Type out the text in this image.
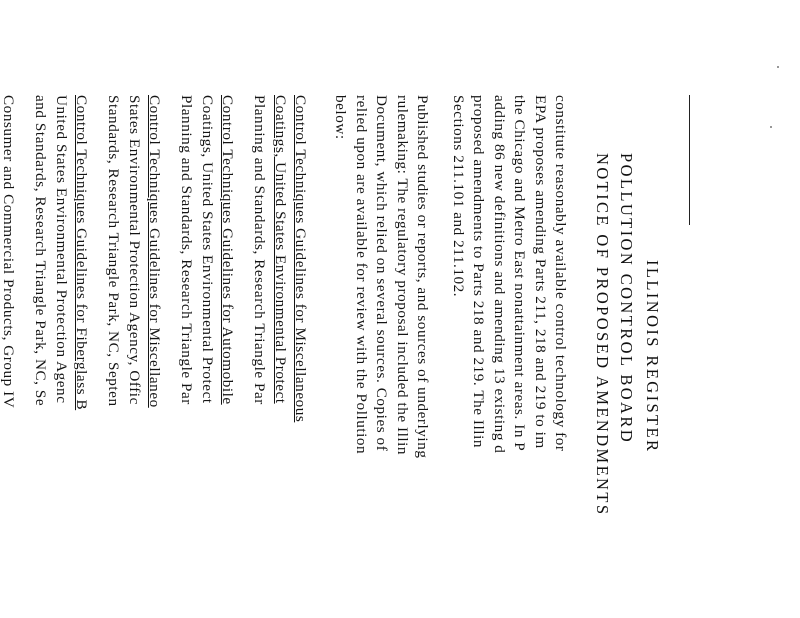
ILLINOIS REGISTER
POLLUTION CONTROL BOARD
NOTICE OF PROPOSED AMENDMENTS
constitute reasonably available control technology for
EPA proposes amending Parts 211, 218 and 219 to im
the Chicago and Metro East nonattainment areas. In P
adding 86 new definitions and amending 13 existing d
proposed amendments to Parts 218 and 219. The Illin
Sections 211.101 and 211.102.
Published studies or reports, and sources of underlying
rulemaking: The regulatory proposal included the Illin
Document, which relied on several sources. Copies of
relied upon are available for review with the Pollution
below:
Control Techniques Guidelines for Miscellaneous
Coatings, United States Environmental Protect
Planning and Standards, Research Triangle Par
Control Techniques Guidelines for Automobile
Coatings, United States Environmental Protect
Planning and Standards, Research Triangle Par
Control Techniques Guidelines for Miscellaneo
States Environmental Protection Agency, Offic
Standards, Research Triangle Park, NC, Septen
Control Techniques Guidelines for Fiberglass B
United States Environmental Protection Agenc
and Standards, Research Triangle Park, NC, Se
Consumer and Commercial Products, Group IV
